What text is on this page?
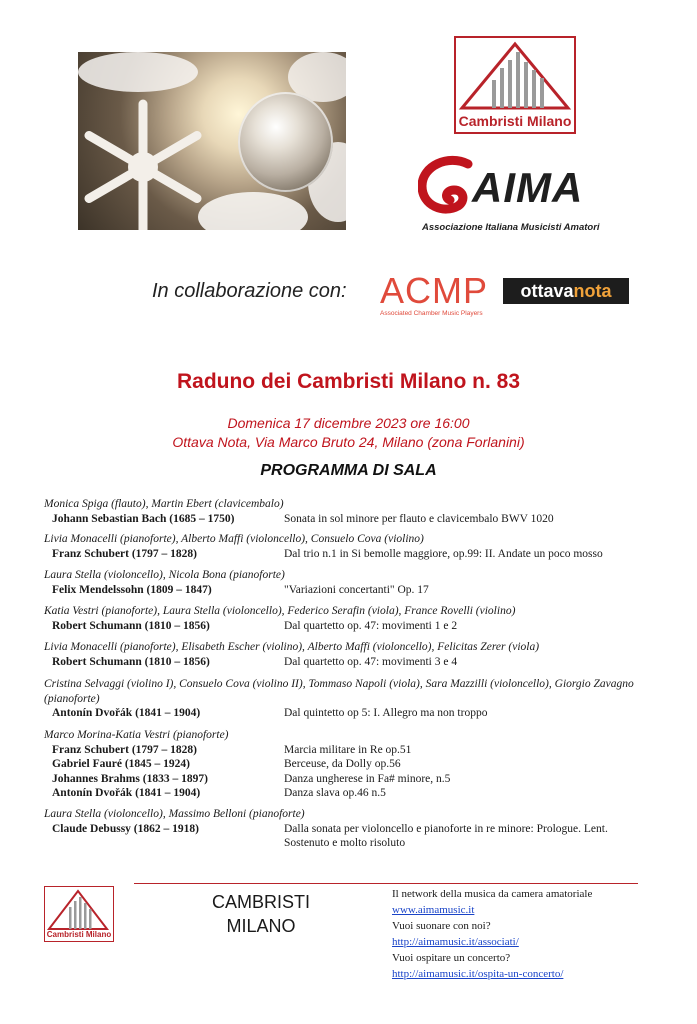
Cambristi Milano
AIMA
Associazione Italiana Musicisti Amatori
In collaborazione con: ACMP
Associated Chamber Music Players
ottavanota
Raduno dei Cambristi Milano n. 83
Domenica 17 dicembre 2023 ore 16:00
Ottava Nota, Via Marco Bruto 24, Milano (zona Forlanini)
PROGRAMMA DI SALA
Monica Spiga (flauto), Martin Ebert (clavicembalo)
Johann Sebastian Bach (1685 – 1750)	Sonata in sol minore per flauto e clavicembalo BWV 1020
Livia Monacelli (pianoforte), Alberto Maffi (violoncello), Consuelo Cova (violino)
Franz Schubert (1797 – 1828)	Dal trio n.1 in Si bemolle maggiore, op.99: II. Andate un poco mosso
Laura Stella (violoncello), Nicola Bona (pianoforte)
Felix Mendelssohn (1809 – 1847)	"Variazioni concertanti" Op. 17
Katia Vestri (pianoforte), Laura Stella (violoncello), Federico Serafin (viola), France Rovelli (violino)
Robert Schumann (1810 – 1856)	Dal quartetto op. 47: movimenti 1 e 2
Livia Monacelli (pianoforte), Elisabeth Escher (violino), Alberto Maffi (violoncello), Felicitas Zerer (viola)
Robert Schumann (1810 – 1856)	Dal quartetto op. 47: movimenti 3 e 4
Cristina Selvaggi (violino I), Consuelo Cova (violino II), Tommaso Napoli (viola), Sara Mazzilli (violoncello), Giorgio Zavagno (pianoforte)
Antonín Dvořák (1841 – 1904)	Dal quintetto op 5: I. Allegro ma non troppo
Marco Morina-Katia Vestri (pianoforte)
Franz Schubert (1797 – 1828)	Marcia militare in Re op.51
Gabriel Fauré (1845 – 1924)	Berceuse, da Dolly op.56
Johannes Brahms (1833 – 1897)	Danza ungherese in Fa# minore, n.5
Antonín Dvořák (1841 – 1904)	Danza slava op.46 n.5
Laura Stella (violoncello), Massimo Belloni (pianoforte)
Claude Debussy (1862 – 1918)	Dalla sonata per violoncello e pianoforte in re minore: Prologue. Lent. Sostenuto e molto risoluto
Cambristi Milano
CAMBRISTI
MILANO
Il network della musica da camera amatoriale
www.aimamusic.it
Vuoi suonare con noi?
http://aimamusic.it/associati/
Vuoi ospitare un concerto?
http://aimamusic.it/ospita-un-concerto/
